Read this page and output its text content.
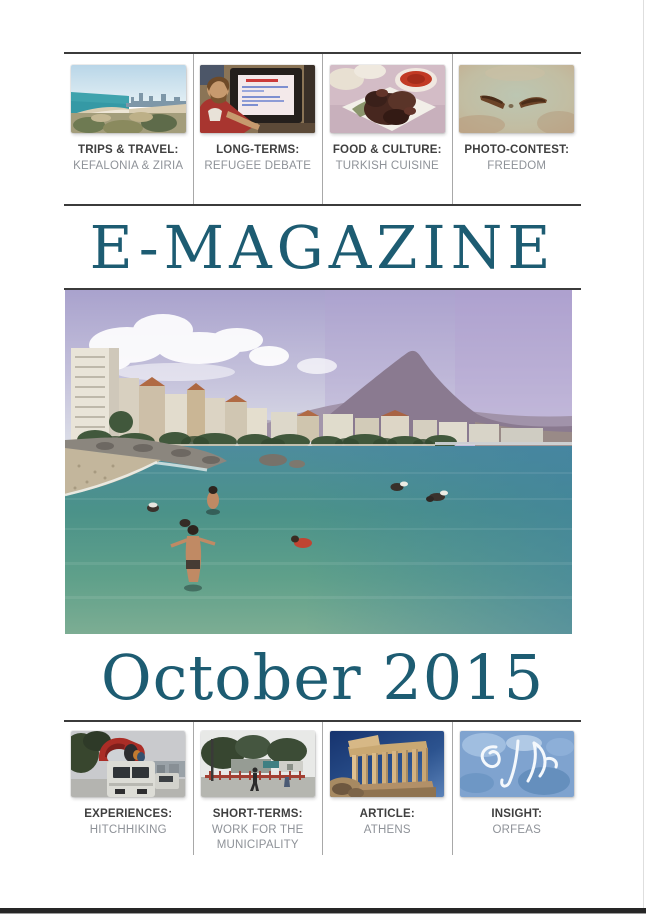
TRIPS & TRAVEL:
KEFALONIA & ZIRIA
LONG-TERMS:
REFUGEE DEBATE
FOOD & CULTURE:
TURKISH CUISINE
PHOTO-CONTEST:
FREEDOM
E-MAGAZINE
October 2015
EXPERIENCES:
HITCHHIKING
SHORT-TERMS:
WORK FOR THE MUNICIPALITY
ARTICLE:
ATHENS
INSIGHT:
ORFEAS
